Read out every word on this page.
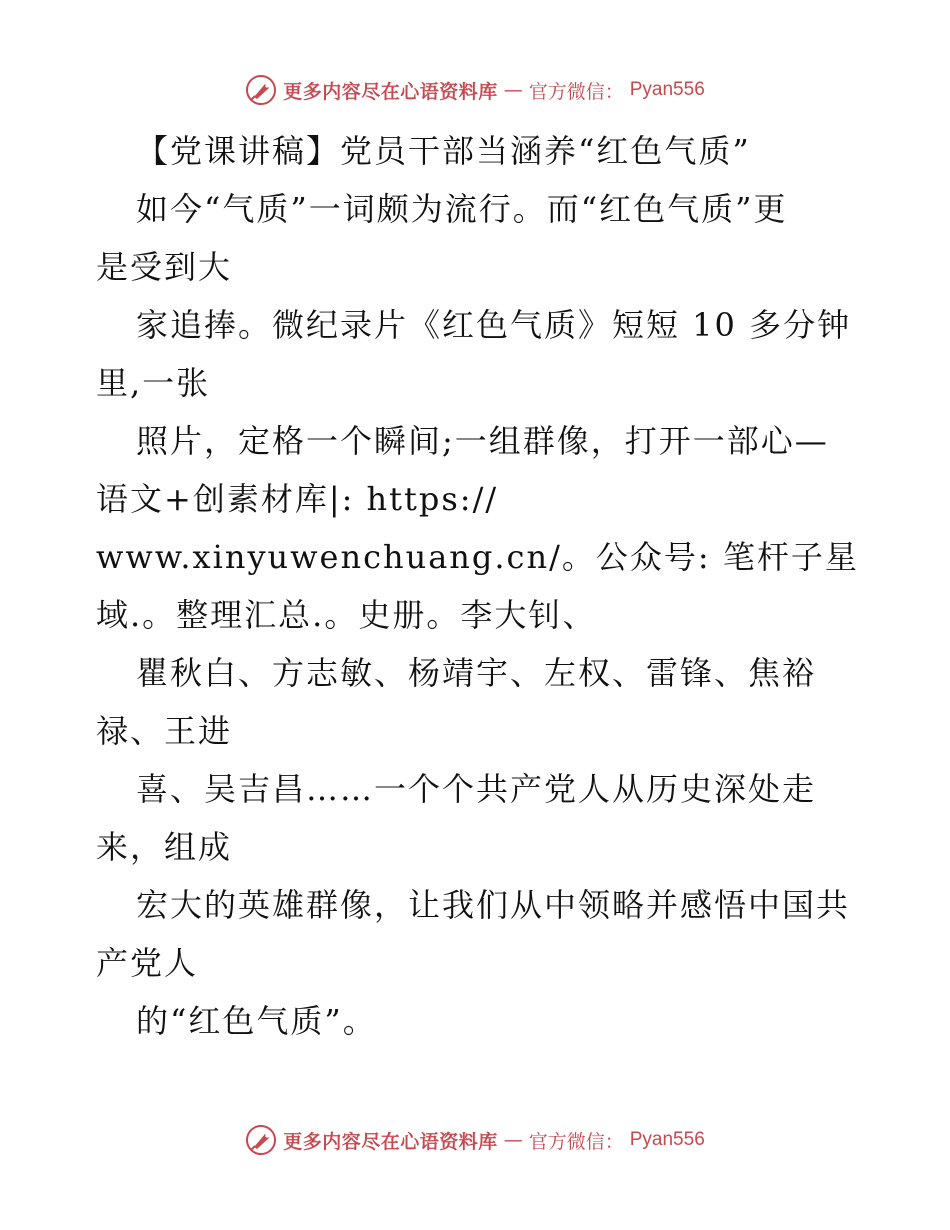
更多内容尽在心语资料库 — 官方微信： Pyan556
【党课讲稿】党员干部当涵养“红色气质”
如今“气质”一词颇为流行。而“红色气质”更
是受到大
家追捧。微纪录片《红色气质》短短 10 多分钟
里,一张
照片，定格一个瞬间;一组群像，打开一部心—
语文+创素材库|: https://
www.xinyuwenchuang.cn/。公众号: 笔杆子星
域.。整理汇总.。史册。李大钊、
瞿秋白、方志敏、杨靖宇、左权、雷锋、焦裕
禄、王进
喜、吴吉昌……一个个共产党人从历史深处走
来，组成
宏大的英雄群像，让我们从中领略并感悟中国共
产党人
的“红色气质”。
更多内容尽在心语资料库 — 官方微信： Pyan556
